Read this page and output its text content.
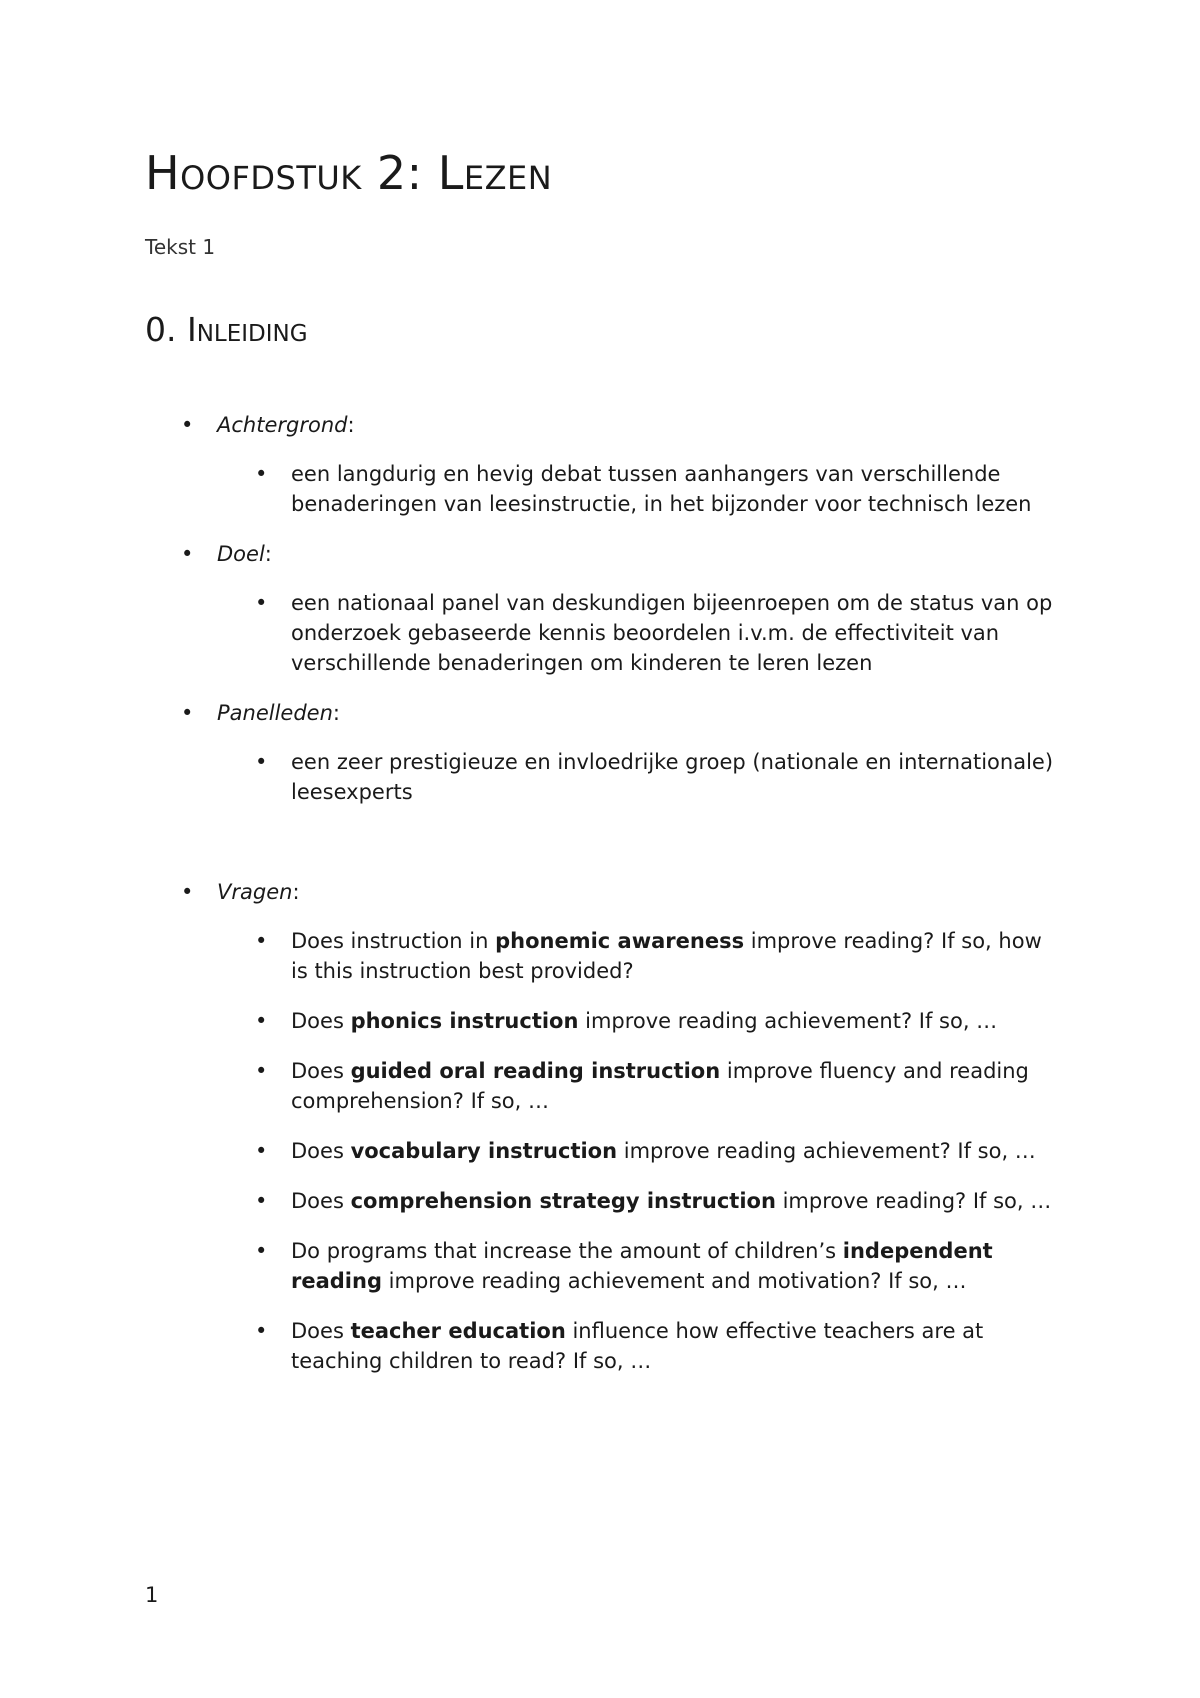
Hoofdstuk 2: Lezen

Tekst 1

0. Inleiding
• Achtergrond:
• een langdurig en hevig debat tussen aanhangers van verschillende benaderingen van leesinstructie, in het bijzonder voor technisch lezen
• Doel:
• een nationaal panel van deskundigen bijeenroepen om de status van op onderzoek gebaseerde kennis beoordelen i.v.m. de effectiviteit van verschillende benaderingen om kinderen te leren lezen
• Panelleden:
• een zeer prestigieuze en invloedrijke groep (nationale en internationale) leesexperts
• Vragen:
• Does instruction in phonemic awareness improve reading? If so, how is this instruction best provided?
• Does phonics instruction improve reading achievement? If so, …
• Does guided oral reading instruction improve fluency and reading comprehension? If so, …
• Does vocabulary instruction improve reading achievement? If so, …
• Does comprehension strategy instruction improve reading? If so, …
• Do programs that increase the amount of children’s independent reading improve reading achievement and motivation? If so, …
• Does teacher education influence how effective teachers are at teaching children to read? If so, …

1
